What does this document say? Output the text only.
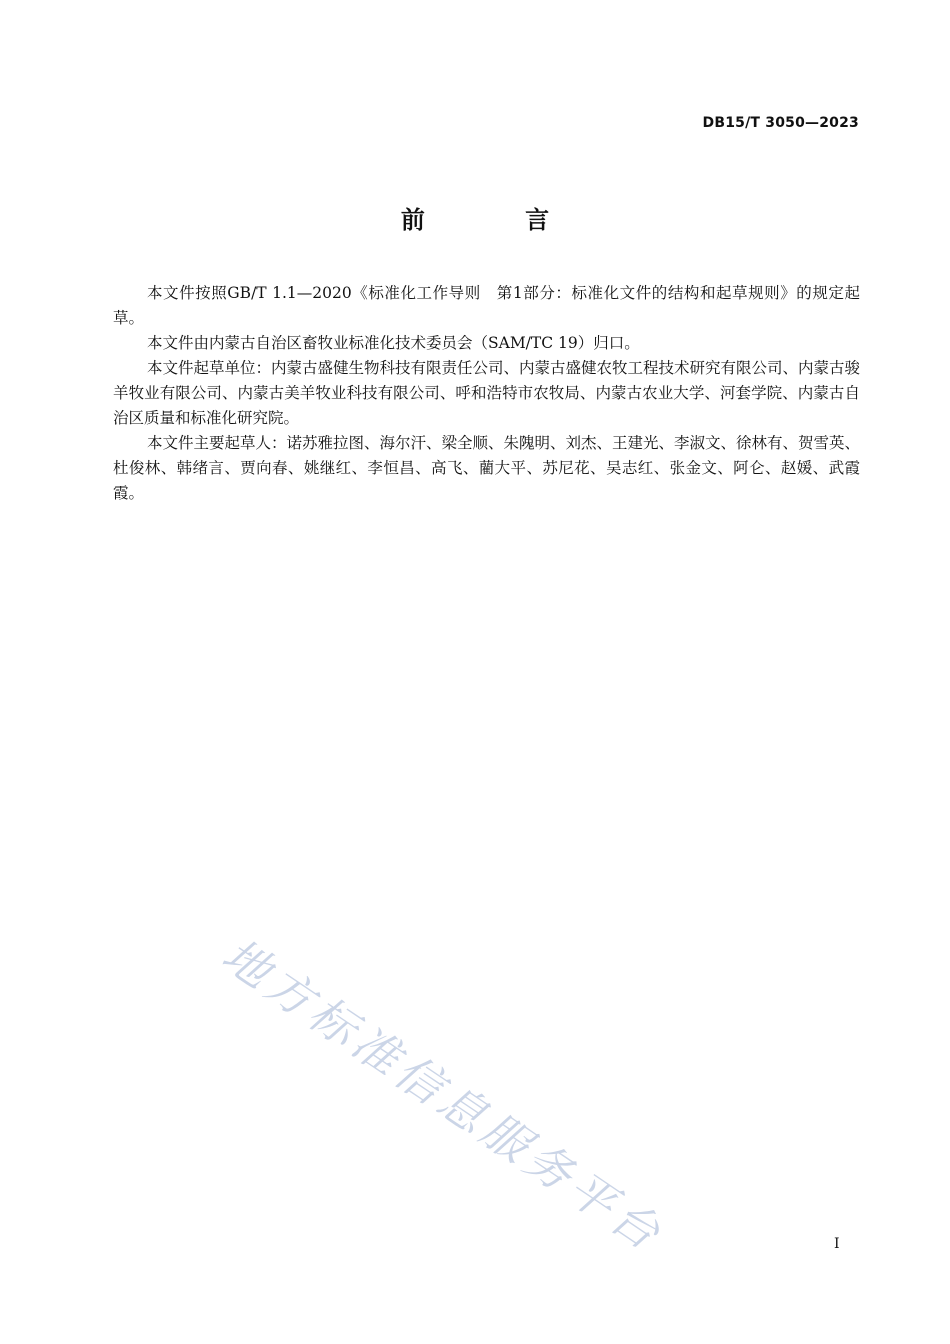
DB15/T 3050—2023
前 言

本文件按照GB/T 1.1—2020《标准化工作导则　第1部分：标准化文件的结构和起草规则》的规定起草。

本文件由内蒙古自治区畜牧业标准化技术委员会（SAM/TC 19）归口。

本文件起草单位：内蒙古盛健生物科技有限责任公司、内蒙古盛健农牧工程技术研究有限公司、内蒙古骏羊牧业有限公司、内蒙古美羊牧业科技有限公司、呼和浩特市农牧局、内蒙古农业大学、河套学院、内蒙古自治区质量和标准化研究院。

本文件主要起草人：诺苏雅拉图、海尔汗、梁全顺、朱隗明、刘杰、王建光、李淑文、徐林有、贺雪英、杜俊林、韩绪言、贾向春、姚继红、李恒昌、高飞、藺大平、苏尼花、吴志红、张金文、阿仑、赵媛、武霞霞。

地方标准信息服务平台	I
